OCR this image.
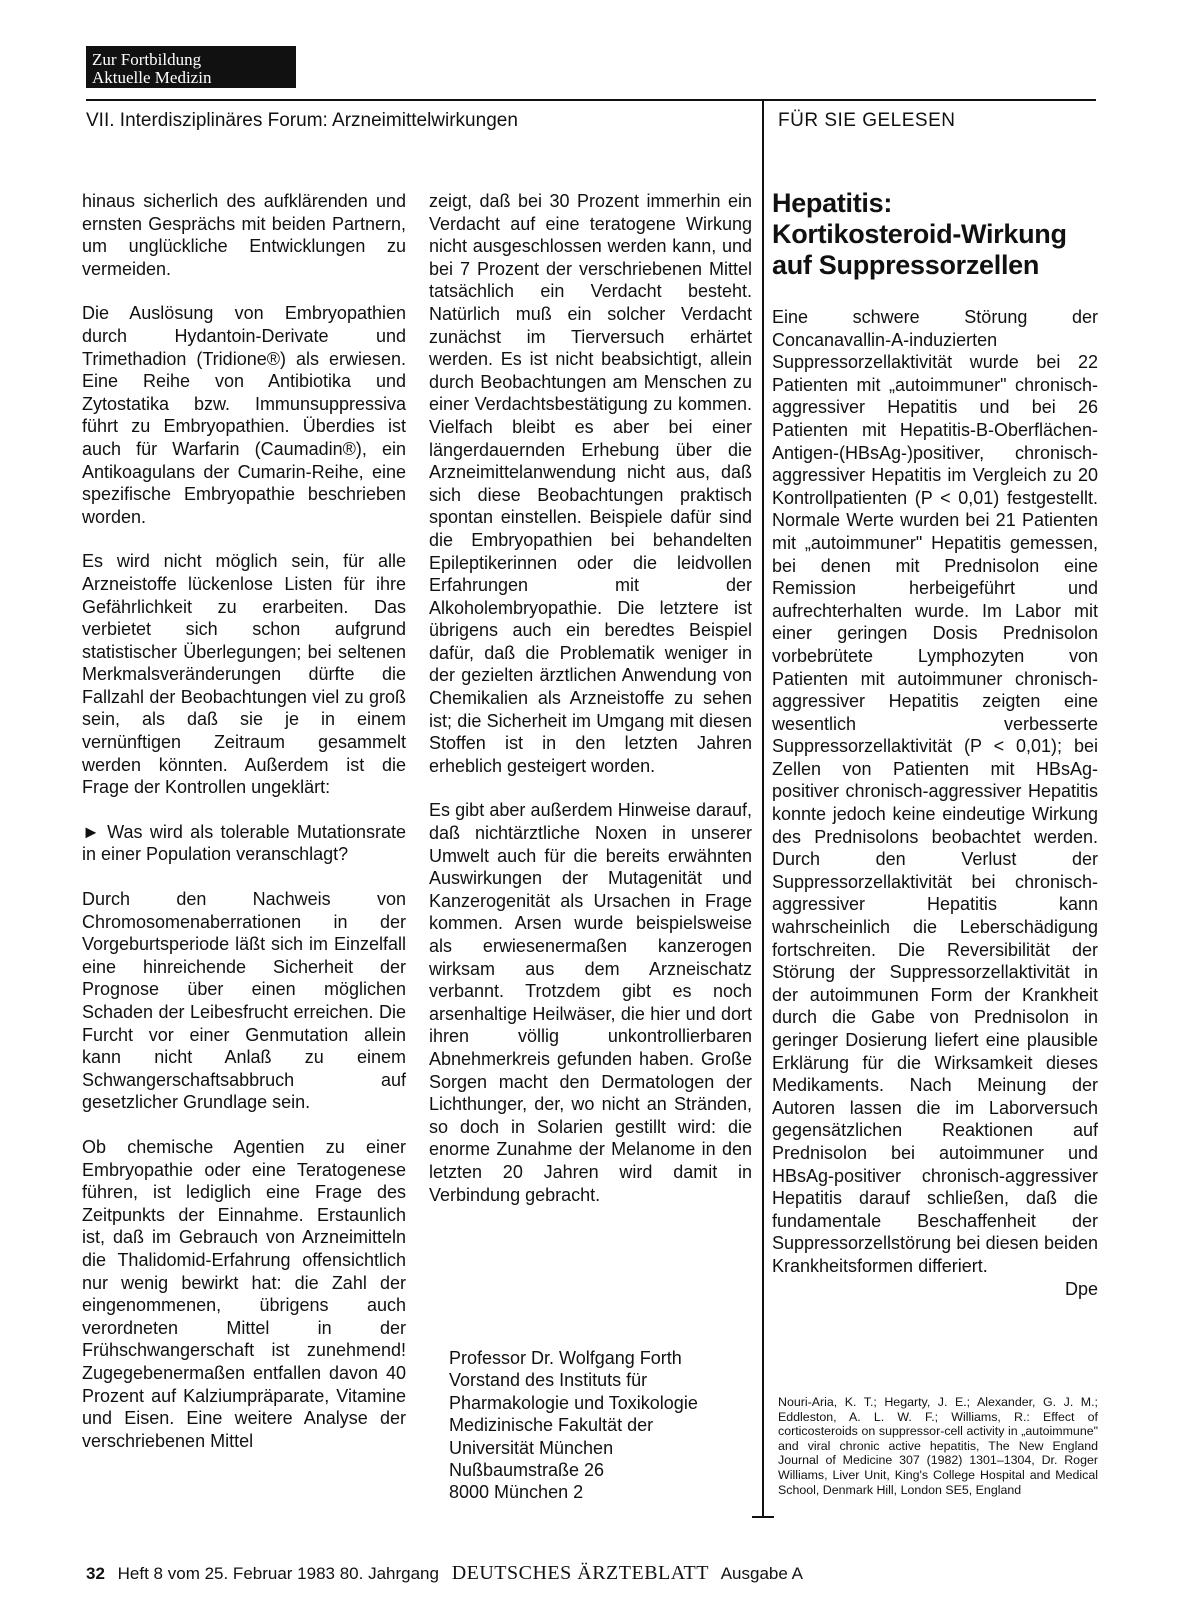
Zur Fortbildung
Aktuelle Medizin
VII. Interdisziplinäres Forum: Arzneimittelwirkungen	FÜR SIE GELESEN

hinaus sicherlich des aufklärenden und ernsten Gesprächs mit beiden Partnern, um unglückliche Entwicklungen zu vermeiden.

Die Auslösung von Embryopathien durch Hydantoin-Derivate und Trimethadion (Tridione®) als erwiesen. Eine Reihe von Antibiotika und Zytostatika bzw. Immunsuppressiva führt zu Embryopathien. Überdies ist auch für Warfarin (Caumadin®), ein Antikoagulans der Cumarin-Reihe, eine spezifische Embryopathie beschrieben worden.

Es wird nicht möglich sein, für alle Arzneistoffe lückenlose Listen für ihre Gefährlichkeit zu erarbeiten. Das verbietet sich schon aufgrund statistischer Überlegungen; bei seltenen Merkmalsveränderungen dürfte die Fallzahl der Beobachtungen viel zu groß sein, als daß sie je in einem vernünftigen Zeitraum gesammelt werden könnten. Außerdem ist die Frage der Kontrollen ungeklärt:

► Was wird als tolerable Mutationsrate in einer Population veranschlagt?

Durch den Nachweis von Chromosomenaberrationen in der Vorgeburtsperiode läßt sich im Einzelfall eine hinreichende Sicherheit der Prognose über einen möglichen Schaden der Leibesfrucht erreichen. Die Furcht vor einer Genmutation allein kann nicht Anlaß zu einem Schwangerschaftsabbruch auf gesetzlicher Grundlage sein.

Ob chemische Agentien zu einer Embryopathie oder eine Teratogenese führen, ist lediglich eine Frage des Zeitpunkts der Einnahme. Erstaunlich ist, daß im Gebrauch von Arzneimitteln die Thalidomid-Erfahrung offensichtlich nur wenig bewirkt hat: die Zahl der eingenommenen, übrigens auch verordneten Mittel in der Frühschwangerschaft ist zunehmend! Zugegebenermaßen entfallen davon 40 Prozent auf Kalziumpräparate, Vitamine und Eisen. Eine weitere Analyse der verschriebenen Mittel

zeigt, daß bei 30 Prozent immerhin ein Verdacht auf eine teratogene Wirkung nicht ausgeschlossen werden kann, und bei 7 Prozent der verschriebenen Mittel tatsächlich ein Verdacht besteht. Natürlich muß ein solcher Verdacht zunächst im Tierversuch erhärtet werden. Es ist nicht beabsichtigt, allein durch Beobachtungen am Menschen zu einer Verdachtsbestätigung zu kommen. Vielfach bleibt es aber bei einer längerdauernden Erhebung über die Arzneimittelanwendung nicht aus, daß sich diese Beobachtungen praktisch spontan einstellen. Beispiele dafür sind die Embryopathien bei behandelten Epileptikerinnen oder die leidvollen Erfahrungen mit der Alkoholembryopathie. Die letztere ist übrigens auch ein beredtes Beispiel dafür, daß die Problematik weniger in der gezielten ärztlichen Anwendung von Chemikalien als Arzneistoffe zu sehen ist; die Sicherheit im Umgang mit diesen Stoffen ist in den letzten Jahren erheblich gesteigert worden.

Es gibt aber außerdem Hinweise darauf, daß nichtärztliche Noxen in unserer Umwelt auch für die bereits erwähnten Auswirkungen der Mutagenität und Kanzerogenität als Ursachen in Frage kommen. Arsen wurde beispielsweise als erwiesenermaßen kanzerogen wirksam aus dem Arzneischatz verbannt. Trotzdem gibt es noch arsenhaltige Heilwäser, die hier und dort ihren völlig unkontrollierbaren Abnehmerkreis gefunden haben. Große Sorgen macht den Dermatologen der Lichthunger, der, wo nicht an Stränden, so doch in Solarien gestillt wird: die enorme Zunahme der Melanome in den letzten 20 Jahren wird damit in Verbindung gebracht.

Professor Dr. Wolfgang Forth
Vorstand des Instituts für
Pharmakologie und Toxikologie
Medizinische Fakultät der
Universität München
Nußbaumstraße 26
8000 München 2
Hepatitis:
Kortikosteroid-Wirkung
auf Suppressorzellen

Eine schwere Störung der Concanavallin-A-induzierten Suppressorzellaktivität wurde bei 22 Patienten mit „autoimmuner" chronisch-aggressiver Hepatitis und bei 26 Patienten mit Hepatitis-B-Oberflächen-Antigen-(HBsAg-)positiver, chronisch-aggressiver Hepatitis im Vergleich zu 20 Kontrollpatienten (P < 0,01) festgestellt. Normale Werte wurden bei 21 Patienten mit „autoimmuner" Hepatitis gemessen, bei denen mit Prednisolon eine Remission herbeigeführt und aufrechterhalten wurde. Im Labor mit einer geringen Dosis Prednisolon vorbebrütete Lymphozyten von Patienten mit autoimmuner chronisch-aggressiver Hepatitis zeigten eine wesentlich verbesserte Suppressorzellaktivität (P < 0,01); bei Zellen von Patienten mit HBsAg-positiver chronisch-aggressiver Hepatitis konnte jedoch keine eindeutige Wirkung des Prednisolons beobachtet werden. Durch den Verlust der Suppressorzellaktivität bei chronisch-aggressiver Hepatitis kann wahrscheinlich die Leberschädigung fortschreiten. Die Reversibilität der Störung der Suppressorzellaktivität in der autoimmunen Form der Krankheit durch die Gabe von Prednisolon in geringer Dosierung liefert eine plausible Erklärung für die Wirksamkeit dieses Medikaments. Nach Meinung der Autoren lassen die im Laborversuch gegensätzlichen Reaktionen auf Prednisolon bei autoimmuner und HBsAg-positiver chronisch-aggressiver Hepatitis darauf schließen, daß die fundamentale Beschaffenheit der Suppressorzellstörung bei diesen beiden Krankheitsformen differiert.

Dpe
Nouri-Aria, K. T.; Hegarty, J. E.; Alexander, G. J. M.; Eddleston, A. L. W. F.; Williams, R.: Effect of corticosteroids on suppressor-cell activity in „autoimmune" and viral chronic active hepatitis, The New England Journal of Medicine 307 (1982) 1301–1304, Dr. Roger Williams, Liver Unit, King's College Hospital and Medical School, Denmark Hill, London SE5, England
32 Heft 8 vom 25. Februar 1983 80. Jahrgang DEUTSCHES ÄRZTEBLATT Ausgabe A
